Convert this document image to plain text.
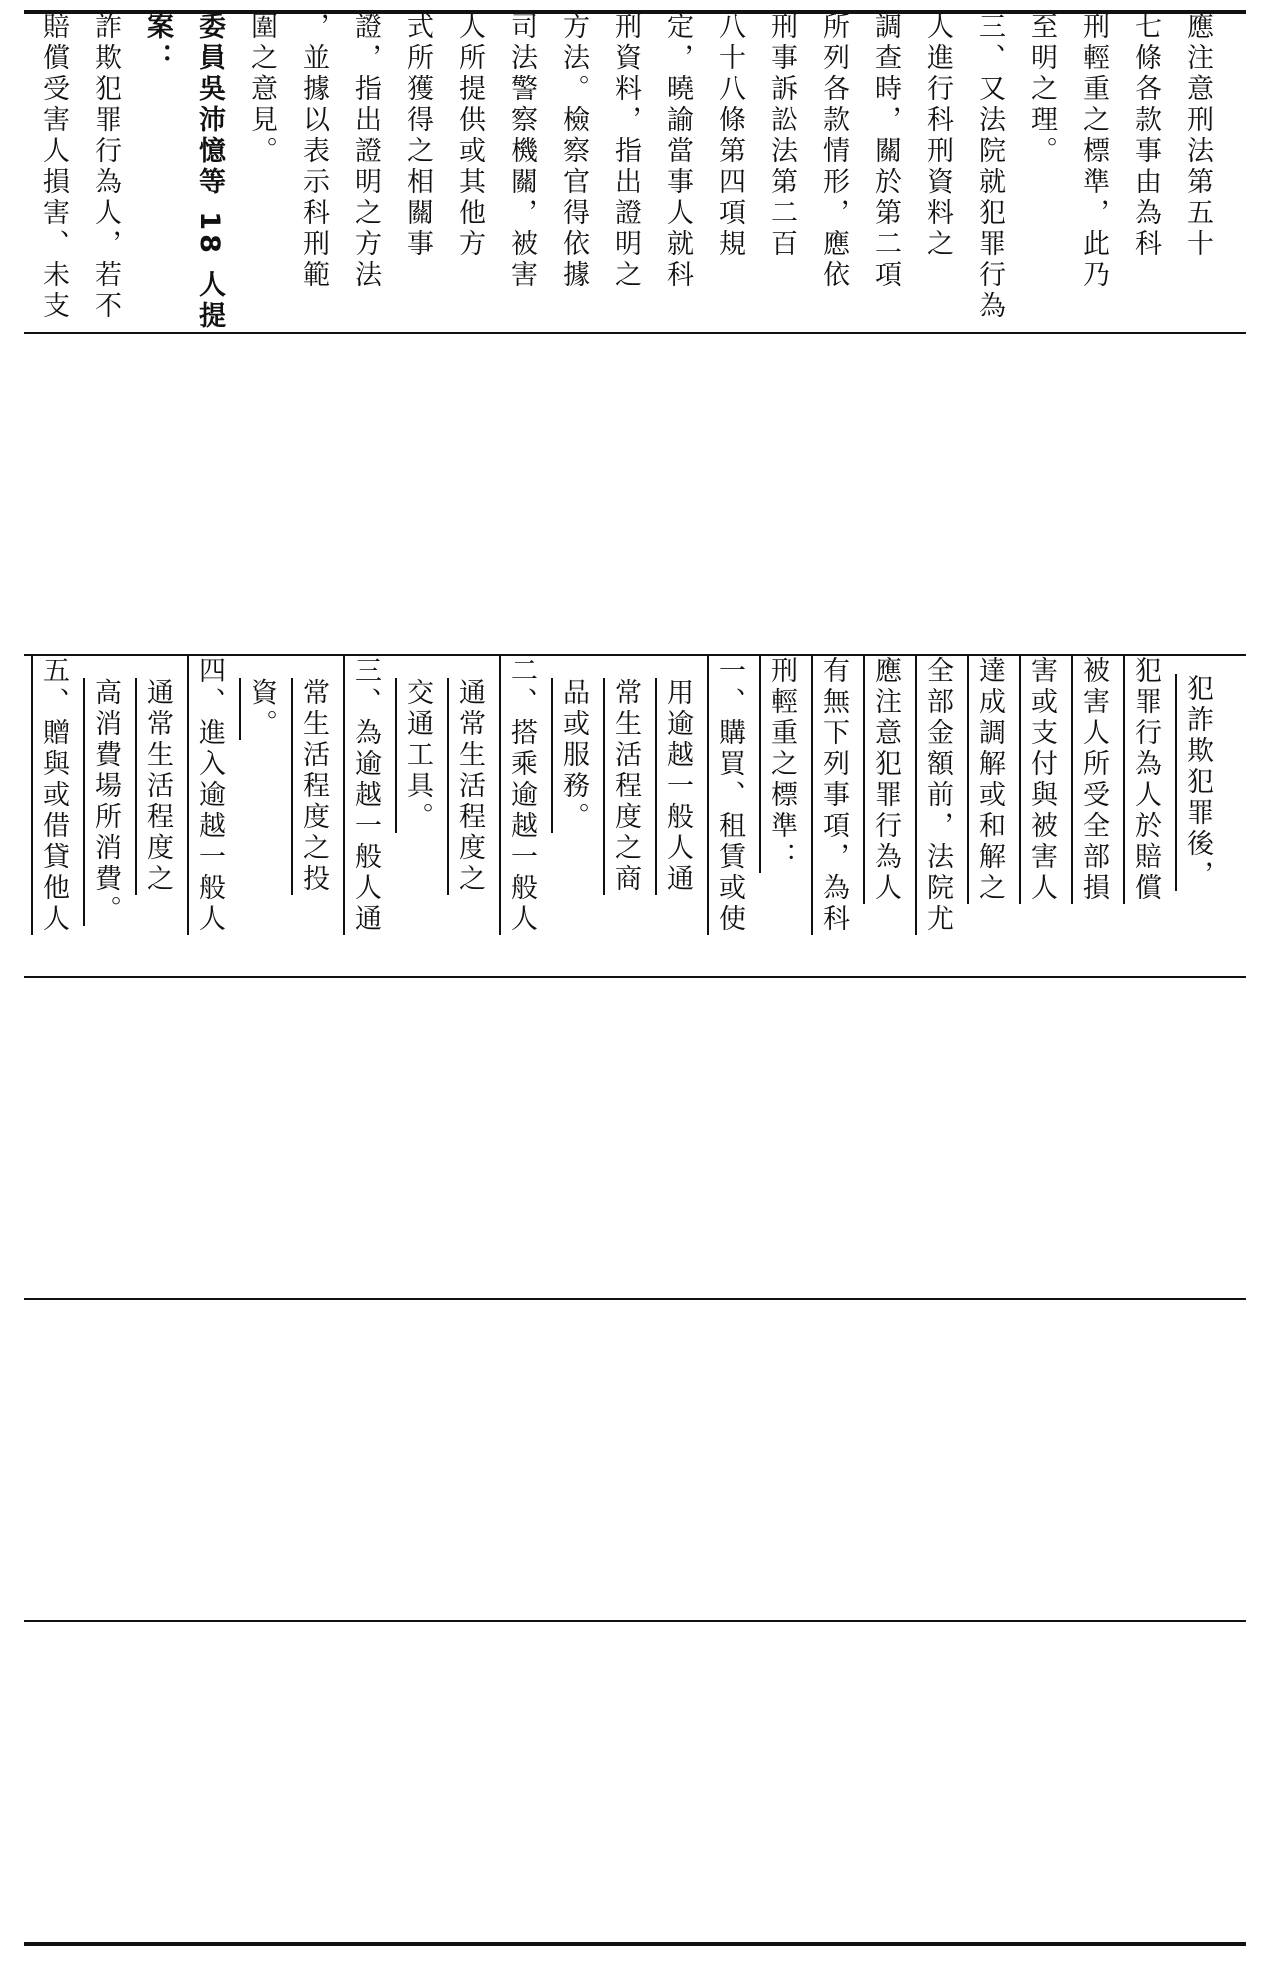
應注意刑法第五十
七條各款事由為科
刑輕重之標準，此乃
至明之理。
三、又法院就犯罪行為
人進行科刑資料之
調查時，關於第二項
所列各款情形，應依
刑事訴訟法第二百
八十八條第四項規
定，曉諭當事人就科
刑資料，指出證明之
方法。檢察官得依據
司法警察機關，被害
人所提供或其他方
式所獲得之相關事
證，指出證明之方法
，並據以表示科刑範
圍之意見。
委員吳沛憶等 18 人提
案：
詐欺犯罪行為人，若不
賠償受害人損害、未支
犯詐欺犯罪後，
犯罪行為人於賠償
被害人所受全部損
害或支付與被害人
達成調解或和解之
全部金額前，法院尤
應注意犯罪行為人
有無下列事項，為科
刑輕重之標準：
一、購買、租賃或使
用逾越一般人通
常生活程度之商
品或服務。
二、搭乘逾越一般人
通常生活程度之
交通工具。
三、為逾越一般人通
常生活程度之投
資。
四、進入逾越一般人
通常生活程度之
高消費場所消費。
五、贈與或借貸他人
